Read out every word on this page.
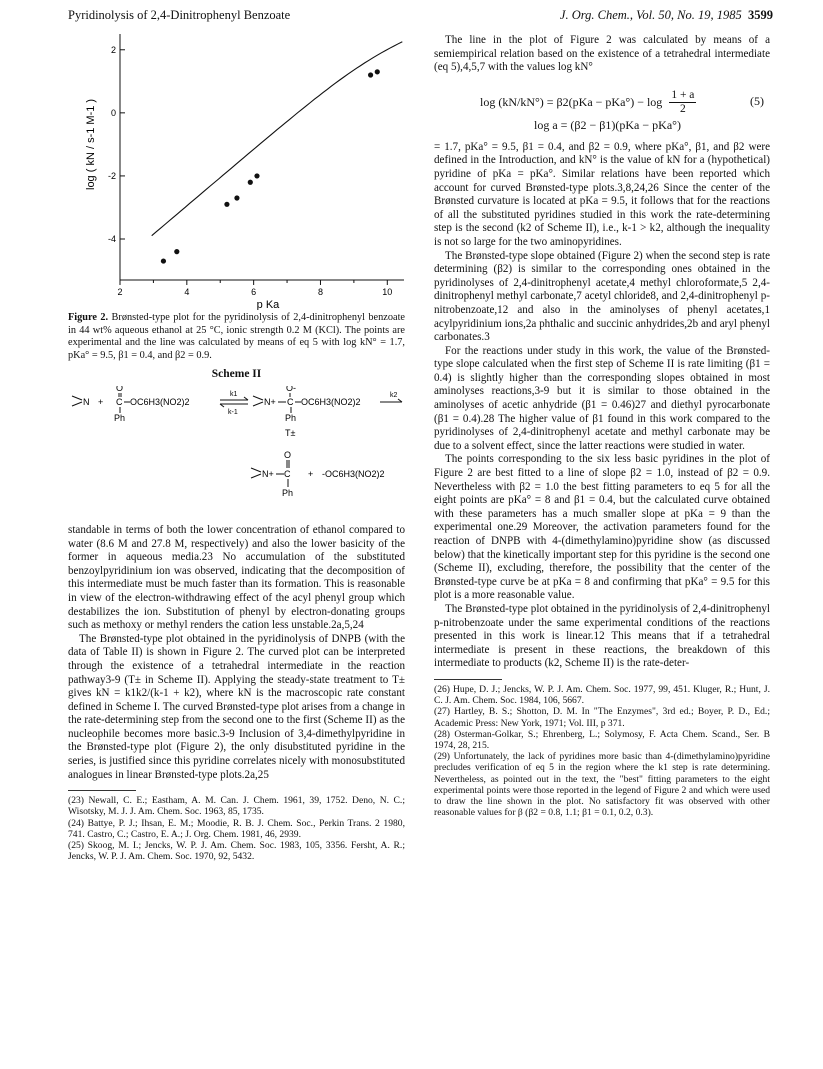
Pyridinolysis of 2,4-Dinitrophenyl Benzoate	J. Org. Chem., Vol. 50, No. 19, 1985 3599
log ( kN / s-1 M-1 )
p Ka
2	4	6	8	10
2
0
-2
-4

Figure 2. Brønsted-type plot for the pyridinolysis of 2,4-dinitrophenyl benzoate in 44 wt% aqueous ethanol at 25 °C, ionic strength 0.2 M (KCl). The points are experimental and the line was calculated by means of eq 5 with log kN° = 1.7, pKa° = 9.5, β1 = 0.4, and β2 = 0.9.

Scheme II
N +
O
C OC6H3(NO2)2
Ph
k1
k-1
N+
O-
C OC6H3(NO2)2
Ph
k2
T±
N+
O
C
Ph
+ -OC6H3(NO2)2

standable in terms of both the lower concentration of ethanol compared to water (8.6 M and 27.8 M, respectively) and also the lower basicity of the former in aqueous media.23 No accumulation of the substituted benzoylpyridinium ion was observed, indicating that the decomposition of this intermediate must be much faster than its formation. This is reasonable in view of the electron-withdrawing effect of the acyl phenyl group which destabilizes the ion. Substitution of phenyl by electron-donating groups such as methoxy or methyl renders the cation less unstable.2a,5,24

The Brønsted-type plot obtained in the pyridinolysis of DNPB (with the data of Table II) is shown in Figure 2. The curved plot can be interpreted through the existence of a tetrahedral intermediate in the reaction pathway3-9 (T± in Scheme II). Applying the steady-state treatment to T± gives kN = k1k2/(k-1 + k2), where kN is the macroscopic rate constant defined in Scheme I. The curved Brønsted-type plot arises from a change in the rate-determining step from the second one to the first (Scheme II) as the nucleophile becomes more basic.3-9 Inclusion of 3,4-dimethylpyridine in the Brønsted-type plot (Figure 2), the only disubstituted pyridine in the series, is justified since this pyridine correlates nicely with monosubstituted analogues in linear Brønsted-type plots.2a,25

(23) Newall, C. E.; Eastham, A. M. Can. J. Chem. 1961, 39, 1752. Deno, N. C.; Wisotsky, M. J. J. Am. Chem. Soc. 1963, 85, 1735.

(24) Battye, P. J.; Ihsan, E. M.; Moodie, R. B. J. Chem. Soc., Perkin Trans. 2 1980, 741. Castro, C.; Castro, E. A.; J. Org. Chem. 1981, 46, 2939.

(25) Skoog, M. I.; Jencks, W. P. J. Am. Chem. Soc. 1983, 105, 3356. Fersht, A. R.; Jencks, W. P. J. Am. Chem. Soc. 1970, 92, 5432.

The line in the plot of Figure 2 was calculated by means of a semiempirical relation based on the existence of a tetrahedral intermediate (eq 5),4,5,7 with the values log kN°

$\log (kN/kN^\circ) = \beta 2(pKa - pKa^\circ) - \log \frac{1 + a}{2}$	(5)
log a = (β2 − β1)(pKa − pKa°)

= 1.7, pKa° = 9.5, β1 = 0.4, and β2 = 0.9, where pKa°, β1, and β2 were defined in the Introduction, and kN° is the value of kN for a (hypothetical) pyridine of pKa = pKa°. Similar relations have been reported which account for curved Brønsted-type plots.3,8,24,26 Since the center of the Brønsted curvature is located at pKa = 9.5, it follows that for the reactions of all the substituted pyridines studied in this work the rate-determining step is the second (k2 of Scheme II), i.e., k-1 > k2, although the inequality is not so large for the two aminopyridines.

The Brønsted-type slope obtained (Figure 2) when the second step is rate determining (β2) is similar to the corresponding ones obtained in the pyridinolyses of 2,4-dinitrophenyl acetate,4 methyl chloroformate,5 2,4-dinitrophenyl methyl carbonate,7 acetyl chloride8, and 2,4-dinitrophenyl p-nitrobenzoate,12 and also in the aminolyses of phenyl acetates,1 acylpyridinium ions,2a phthalic and succinic anhydrides,2b and aryl phenyl carbonates.3

For the reactions under study in this work, the value of the Brønsted-type slope calculated when the first step of Scheme II is rate limiting (β1 = 0.4) is slightly higher than the corresponding slopes obtained in most aminolyses reactions,3-9 but it is similar to those obtained in the aminolyses of acetic anhydride (β1 = 0.46)27 and diethyl pyrocarbonate (β1 = 0.4).28 The higher value of β1 found in this work compared to the pyridinolyses of 2,4-dinitrophenyl acetate and methyl carbonate may be due to a solvent effect, since the latter reactions were studied in water.

The points corresponding to the six less basic pyridines in the plot of Figure 2 are best fitted to a line of slope β2 = 1.0, instead of β2 = 0.9. Nevertheless with β2 = 1.0 the best fitting parameters to eq 5 for all the eight points are pKa° = 8 and β1 = 0.4, but the calculated curve obtained with these parameters has a much smaller slope at pKa = 9 than the experimental one.29 Moreover, the activation parameters found for the reaction of DNPB with 4-(dimethylamino)pyridine show (as discussed below) that the kinetically important step for this pyridine is the second one (Scheme II), excluding, therefore, the possibility that the center of the Brønsted-type curve be at pKa = 8 and confirming that pKa° = 9.5 for this plot is a more reasonable value.

The Brønsted-type plot obtained in the pyridinolysis of 2,4-dinitrophenyl p-nitrobenzoate under the same experimental conditions of the reactions presented in this work is linear.12 This means that if a tetrahedral intermediate is present in these reactions, the breakdown of this intermediate to products (k2, Scheme II) is the rate-deter-

(26) Hupe, D. J.; Jencks, W. P. J. Am. Chem. Soc. 1977, 99, 451. Kluger, R.; Hunt, J. C. J. Am. Chem. Soc. 1984, 106, 5667.

(27) Hartley, B. S.; Shotton, D. M. In "The Enzymes", 3rd ed.; Boyer, P. D., Ed.; Academic Press: New York, 1971; Vol. III, p 371.

(28) Osterman-Golkar, S.; Ehrenberg, L.; Solymosy, F. Acta Chem. Scand., Ser. B 1974, 28, 215.

(29) Unfortunately, the lack of pyridines more basic than 4-(dimethylamino)pyridine precludes verification of eq 5 in the region where the k1 step is rate determining. Nevertheless, as pointed out in the text, the "best" fitting parameters to the eight experimental points were those reported in the legend of Figure 2 and which were used to draw the line shown in the plot. No satisfactory fit was observed with other reasonable values for β (β2 = 0.8, 1.1; β1 = 0.1, 0.2, 0.3).
